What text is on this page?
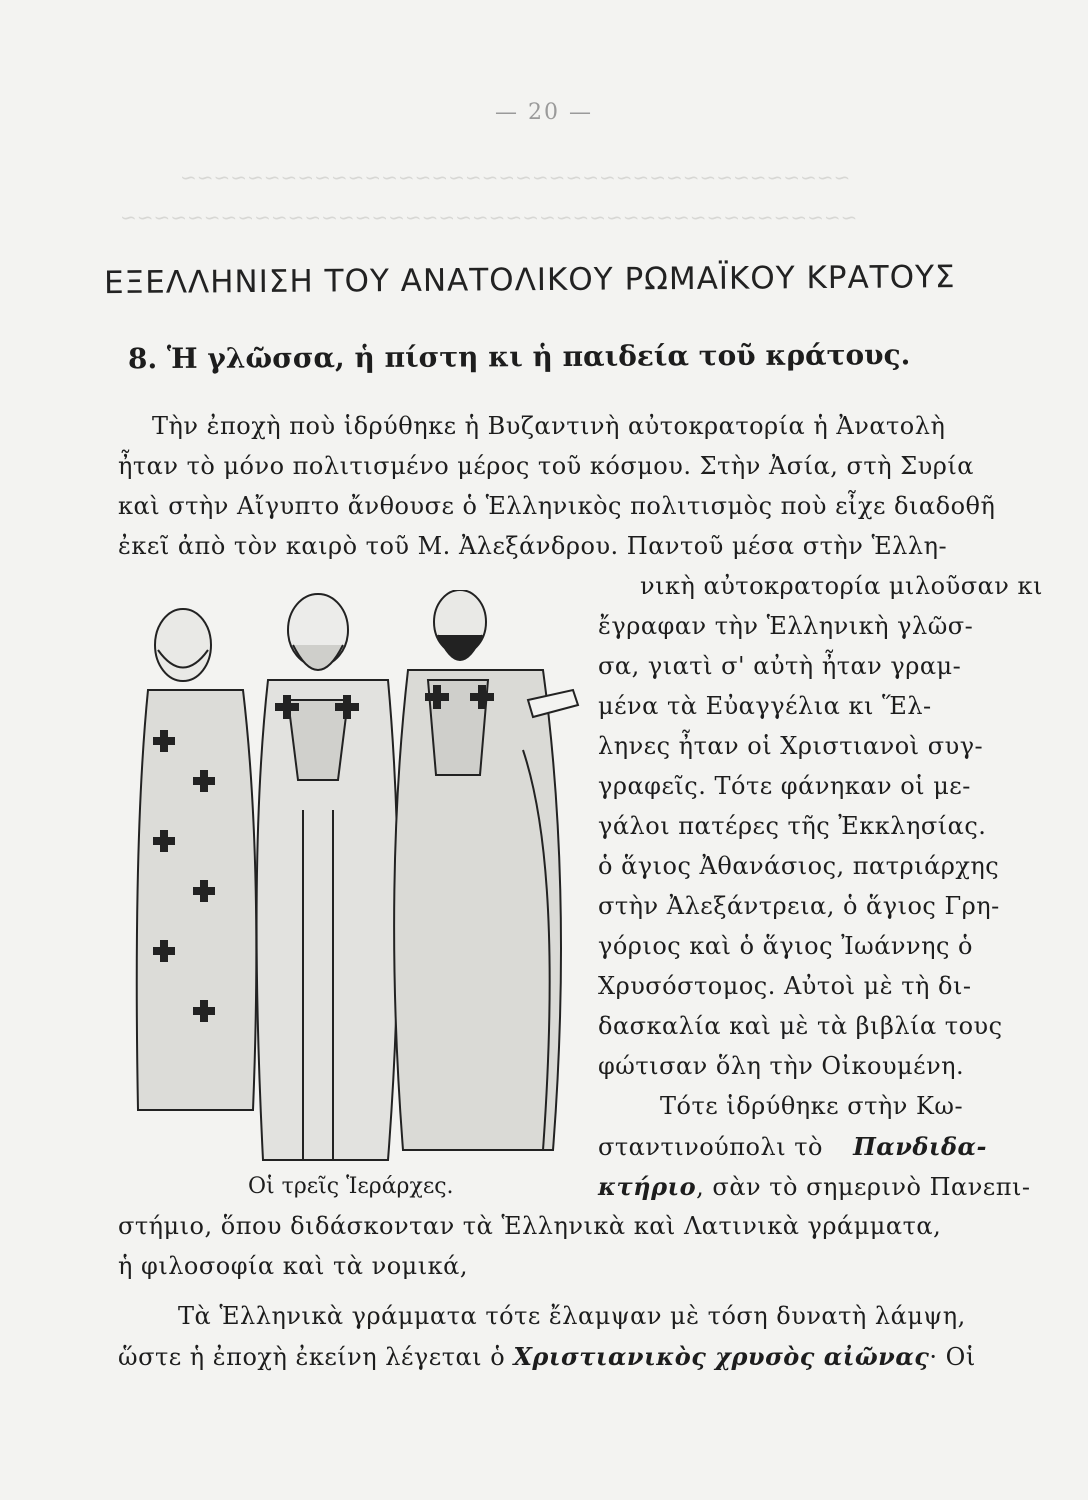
~~~~~~~~~~~~~~~~~~~~~~~~~~~~~~~~~~~~~~~~
~~~~~~~~~~~~~~~~~~~~~~~~~~~~~~~~~~~~~~~~~~~~
— 20 —
ΕΞΕΛΛΗΝΙΣΗ ΤΟΥ ΑΝΑΤΟΛΙΚΟΥ ΡΩΜΑΪΚΟΥ ΚΡΑΤΟΥΣ
8. Ἡ γλῶσσα, ἡ πίστη κι ἡ παιδεία τοῦ κράτους.
Τὴν ἐποχὴ ποὺ ἱδρύθηκε ἡ Βυζαντινὴ αὐτοκρατορία ἡ Ἀνατολὴ
ἦταν τὸ μόνο πολιτισμένο μέρος τοῦ κόσμου. Στὴν Ἀσία, στὴ Συρία
καὶ στὴν Αἴγυπτο ἄνθουσε ὁ Ἑλληνικὸς πολιτισμὸς ποὺ εἶχε διαδοθῆ
ἐκεῖ ἀπὸ τὸν καιρὸ τοῦ Μ. Ἀλεξάνδρου. Παντοῦ μέσα στὴν Ἑλλη-
νικὴ αὐτοκρατορία μιλοῦσαν κι
ἔγραφαν τὴν Ἑλληνικὴ γλῶσ-
σα, γιατὶ σ' αὐτὴ ἦταν γραμ-
μένα τὰ Εὐαγγέλια κι Ἕλ-
ληνες ἦταν οἱ Χριστιανοὶ συγ-
γραφεῖς. Τότε φάνηκαν οἱ με-
γάλοι πατέρες τῆς Ἐκκλησίας.
ὁ ἅγιος Ἀθανάσιος, πατριάρχης
στὴν Ἀλεξάντρεια, ὁ ἅγιος Γρη-
γόριος καὶ ὁ ἅγιος Ἰωάννης ὁ
Χρυσόστομος. Αὐτοὶ μὲ τὴ δι-
δασκαλία καὶ μὲ τὰ βιβλία τους
φώτισαν ὅλη τὴν Οἰκουμένη.
Τότε ἱδρύθηκε στὴν Κω-
σταντινούπολι τὸ Πανδιδα-
κτήριο, σὰν τὸ σημερινὸ Πανεπι-
Οἱ τρεῖς Ἱεράρχες.
στήμιο, ὅπου διδάσκονταν τὰ Ἑλληνικὰ καὶ Λατινικὰ γράμματα,
ἡ φιλοσοφία καὶ τὰ νομικά,
Τὰ Ἑλληνικὰ γράμματα τότε ἔλαμψαν μὲ τόση δυνατὴ λάμψη,
ὥστε ἡ ἐποχὴ ἐκείνη λέγεται ὁ Χριστιανικὸς χρυσὸς αἰῶνας· Οἱ
